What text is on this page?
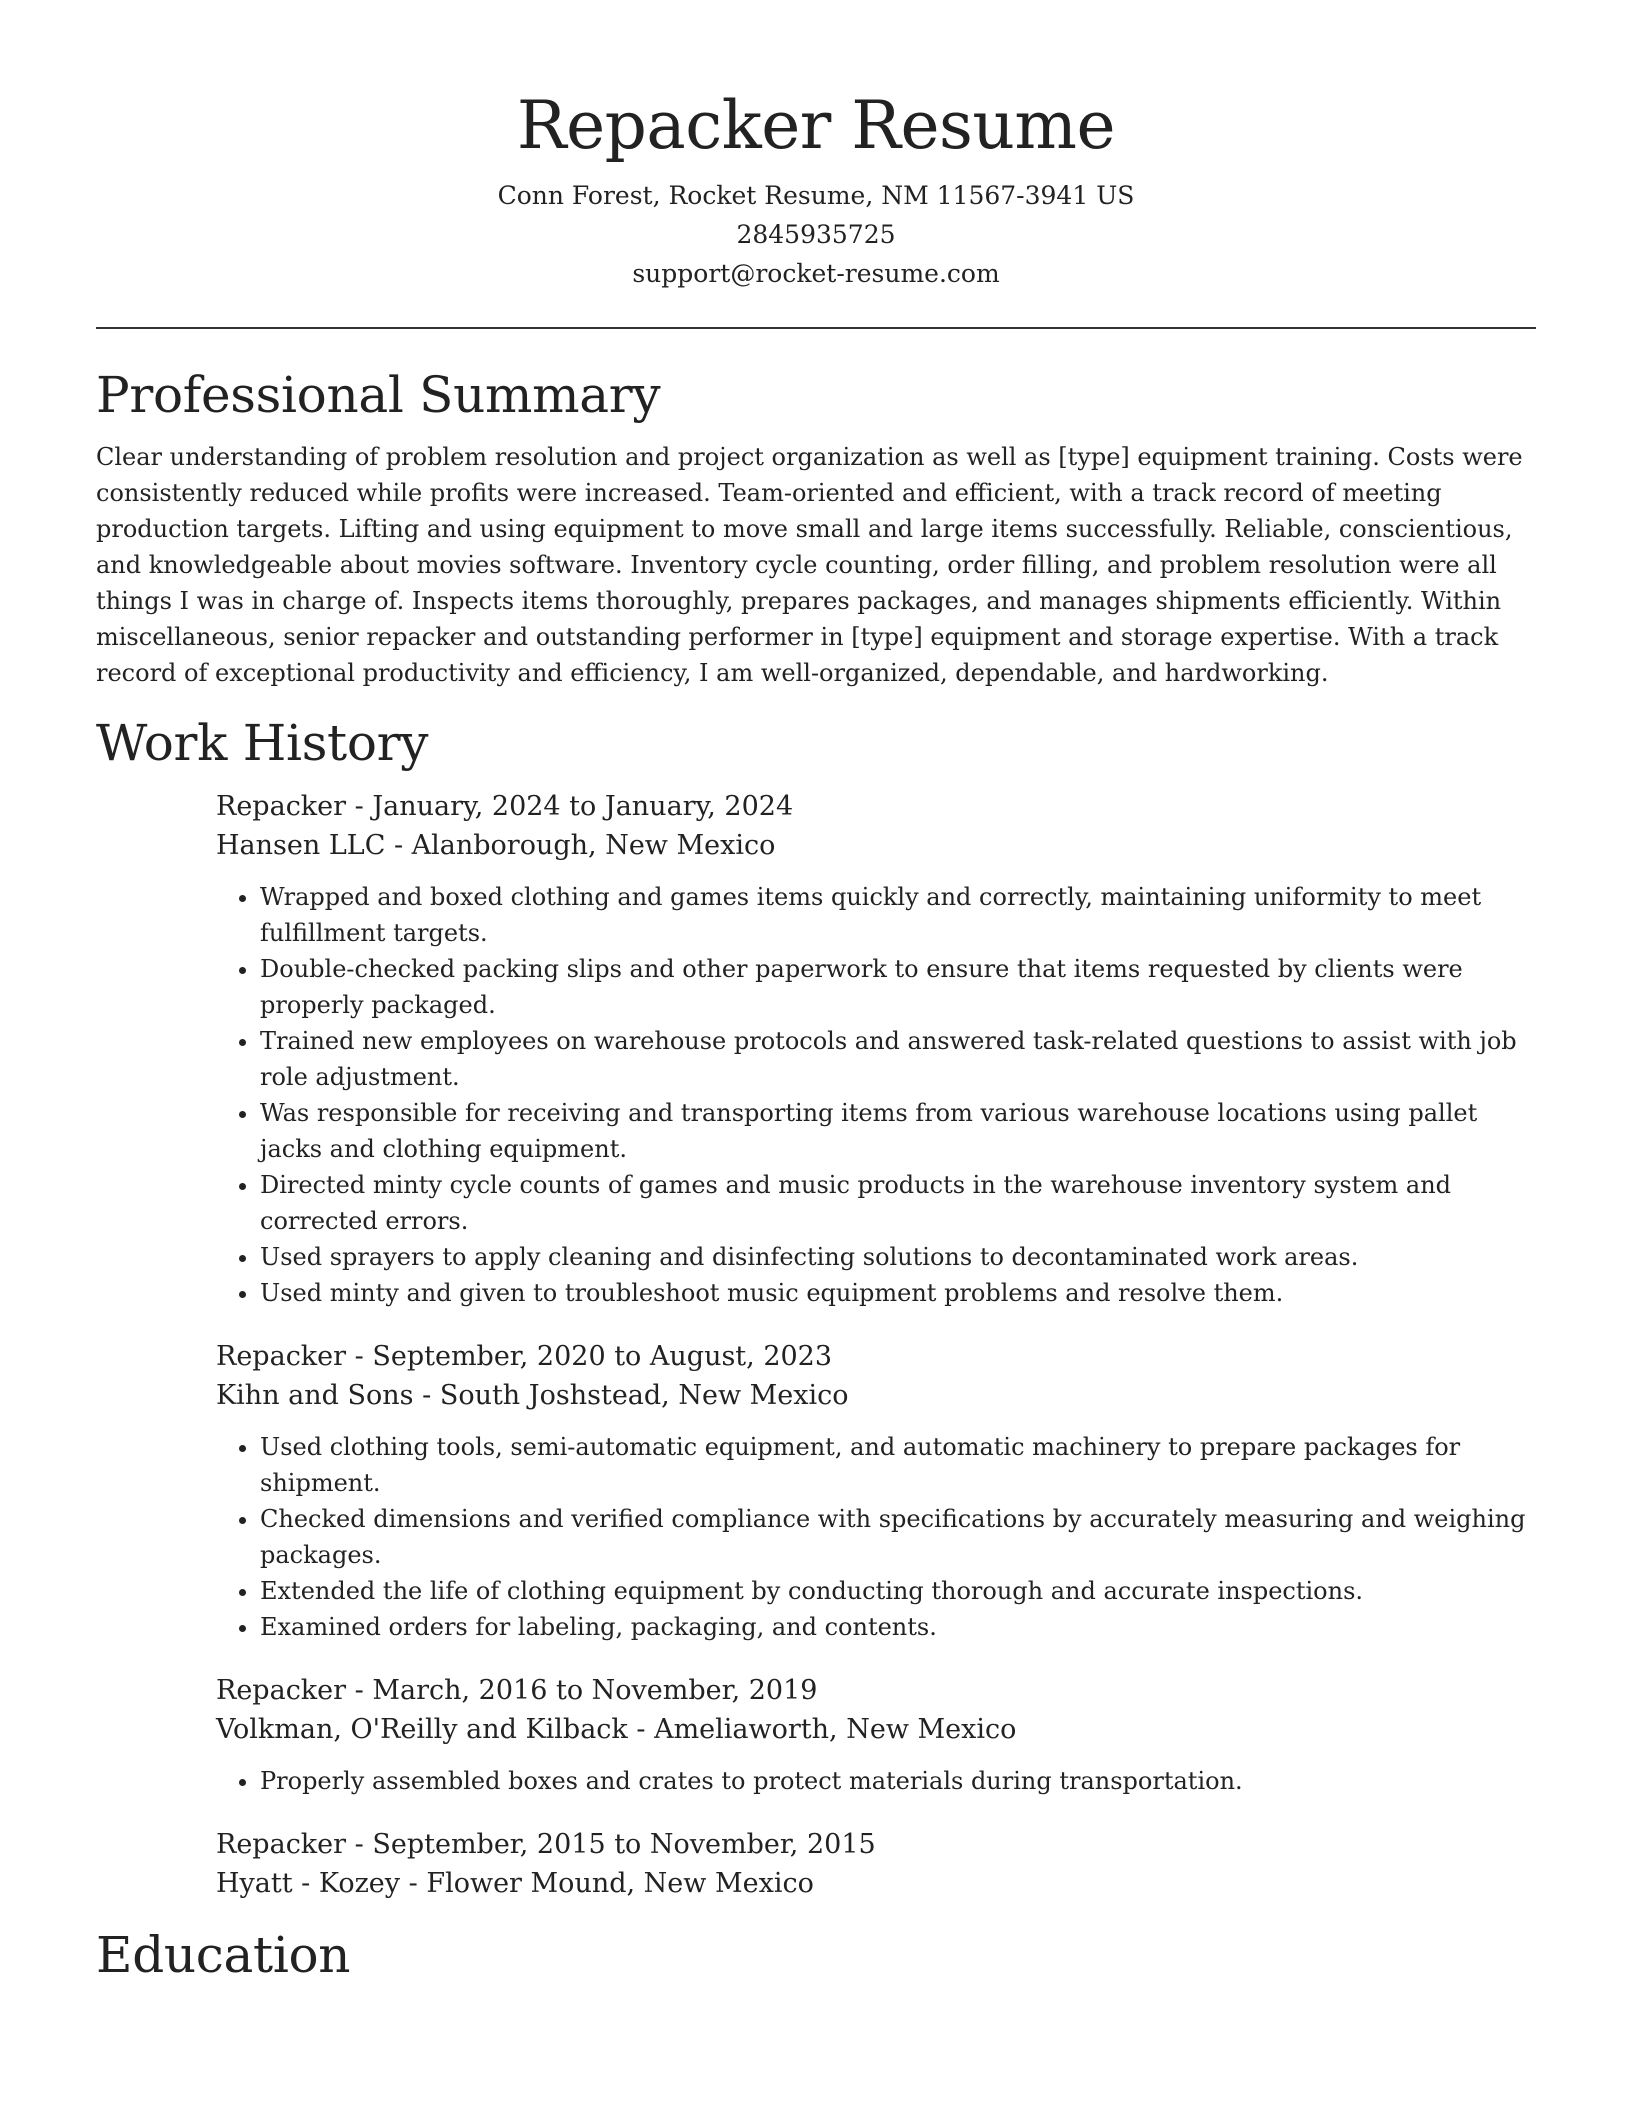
Repacker Resume

Conn Forest, Rocket Resume, NM 11567-3941 US

2845935725

support@rocket-resume.com

Professional Summary

Clear understanding of problem resolution and project organization as well as [type] equipment training. Costs were consistently reduced while profits were increased. Team-oriented and efficient, with a track record of meeting production targets. Lifting and using equipment to move small and large items successfully. Reliable, conscientious, and knowledgeable about movies software. Inventory cycle counting, order filling, and problem resolution were all things I was in charge of. Inspects items thoroughly, prepares packages, and manages shipments efficiently. Within miscellaneous, senior repacker and outstanding performer in [type] equipment and storage expertise. With a track record of exceptional productivity and efficiency, I am well-organized, dependable, and hardworking.

Work History

Repacker - January, 2024 to January, 2024

Hansen LLC - Alanborough, New Mexico

• Wrapped and boxed clothing and games items quickly and correctly, maintaining uniformity to meet fulfillment targets.
• Double-checked packing slips and other paperwork to ensure that items requested by clients were properly packaged.
• Trained new employees on warehouse protocols and answered task-related questions to assist with job role adjustment.
• Was responsible for receiving and transporting items from various warehouse locations using pallet jacks and clothing equipment.
• Directed minty cycle counts of games and music products in the warehouse inventory system and corrected errors.
• Used sprayers to apply cleaning and disinfecting solutions to decontaminated work areas.
• Used minty and given to troubleshoot music equipment problems and resolve them.

Repacker - September, 2020 to August, 2023

Kihn and Sons - South Joshstead, New Mexico

• Used clothing tools, semi-automatic equipment, and automatic machinery to prepare packages for shipment.
• Checked dimensions and verified compliance with specifications by accurately measuring and weighing packages.
• Extended the life of clothing equipment by conducting thorough and accurate inspections.
• Examined orders for labeling, packaging, and contents.

Repacker - March, 2016 to November, 2019

Volkman, O'Reilly and Kilback - Ameliaworth, New Mexico

• Properly assembled boxes and crates to protect materials during transportation.

Repacker - September, 2015 to November, 2015

Hyatt - Kozey - Flower Mound, New Mexico

Education
